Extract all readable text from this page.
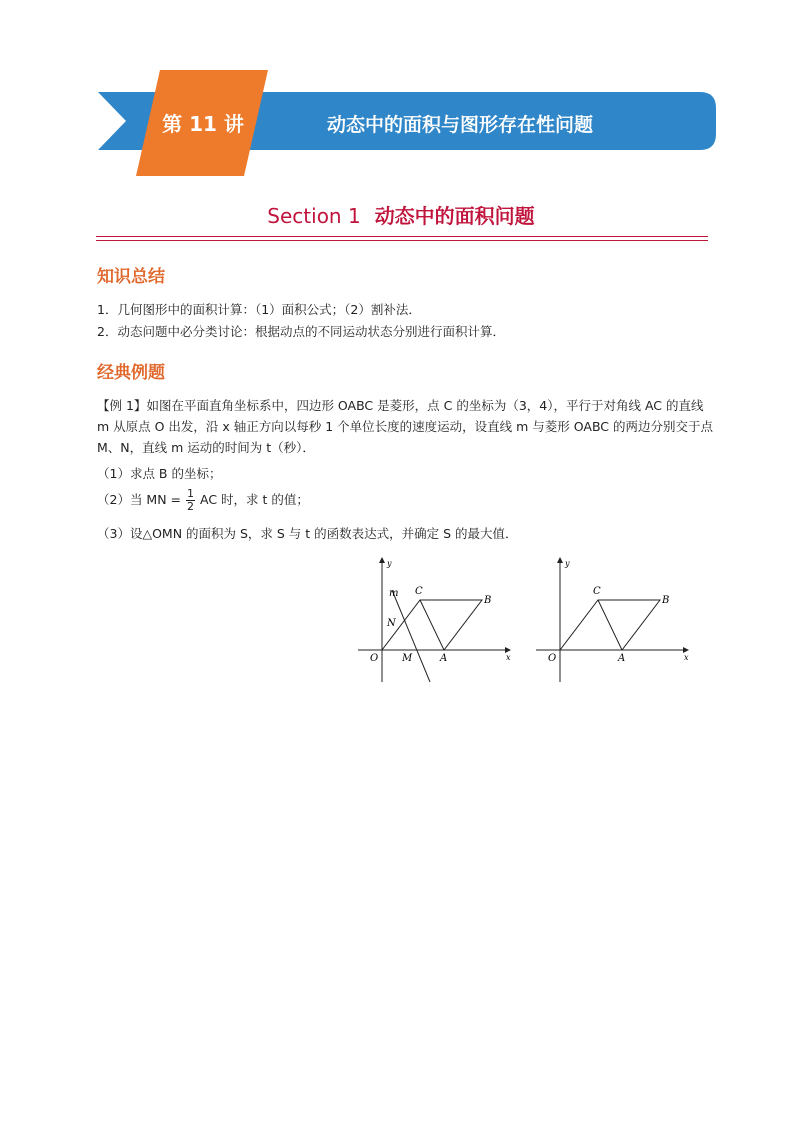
第 11 讲	动态中的面积与图形存在性问题
Section 1 动态中的面积问题
知识总结
1．几何图形中的面积计算：（1）面积公式；（2）割补法．
2．动态问题中必分类讨论：根据动点的不同运动状态分别进行面积计算．
经典例题
【例 1】如图在平面直角坐标系中，四边形 OABC 是菱形，点 C 的坐标为（3，4），平行于对角线 AC 的直线 m 从原点 O 出发，沿 x 轴正方向以每秒 1 个单位长度的速度运动，设直线 m 与菱形 OABC 的两边分别交于点 M、N，直线 m 运动的时间为 t（秒）．
（1）求点 B 的坐标；
（2）当 MN = $\frac{1}{2}$ AC 时，求 t 的值；
（3）设△OMN 的面积为 S，求 S 与 t 的函数表达式，并确定 S 的最大值．
y
x
O M	A
B
C
N
m
y
x
O	A
B
C
